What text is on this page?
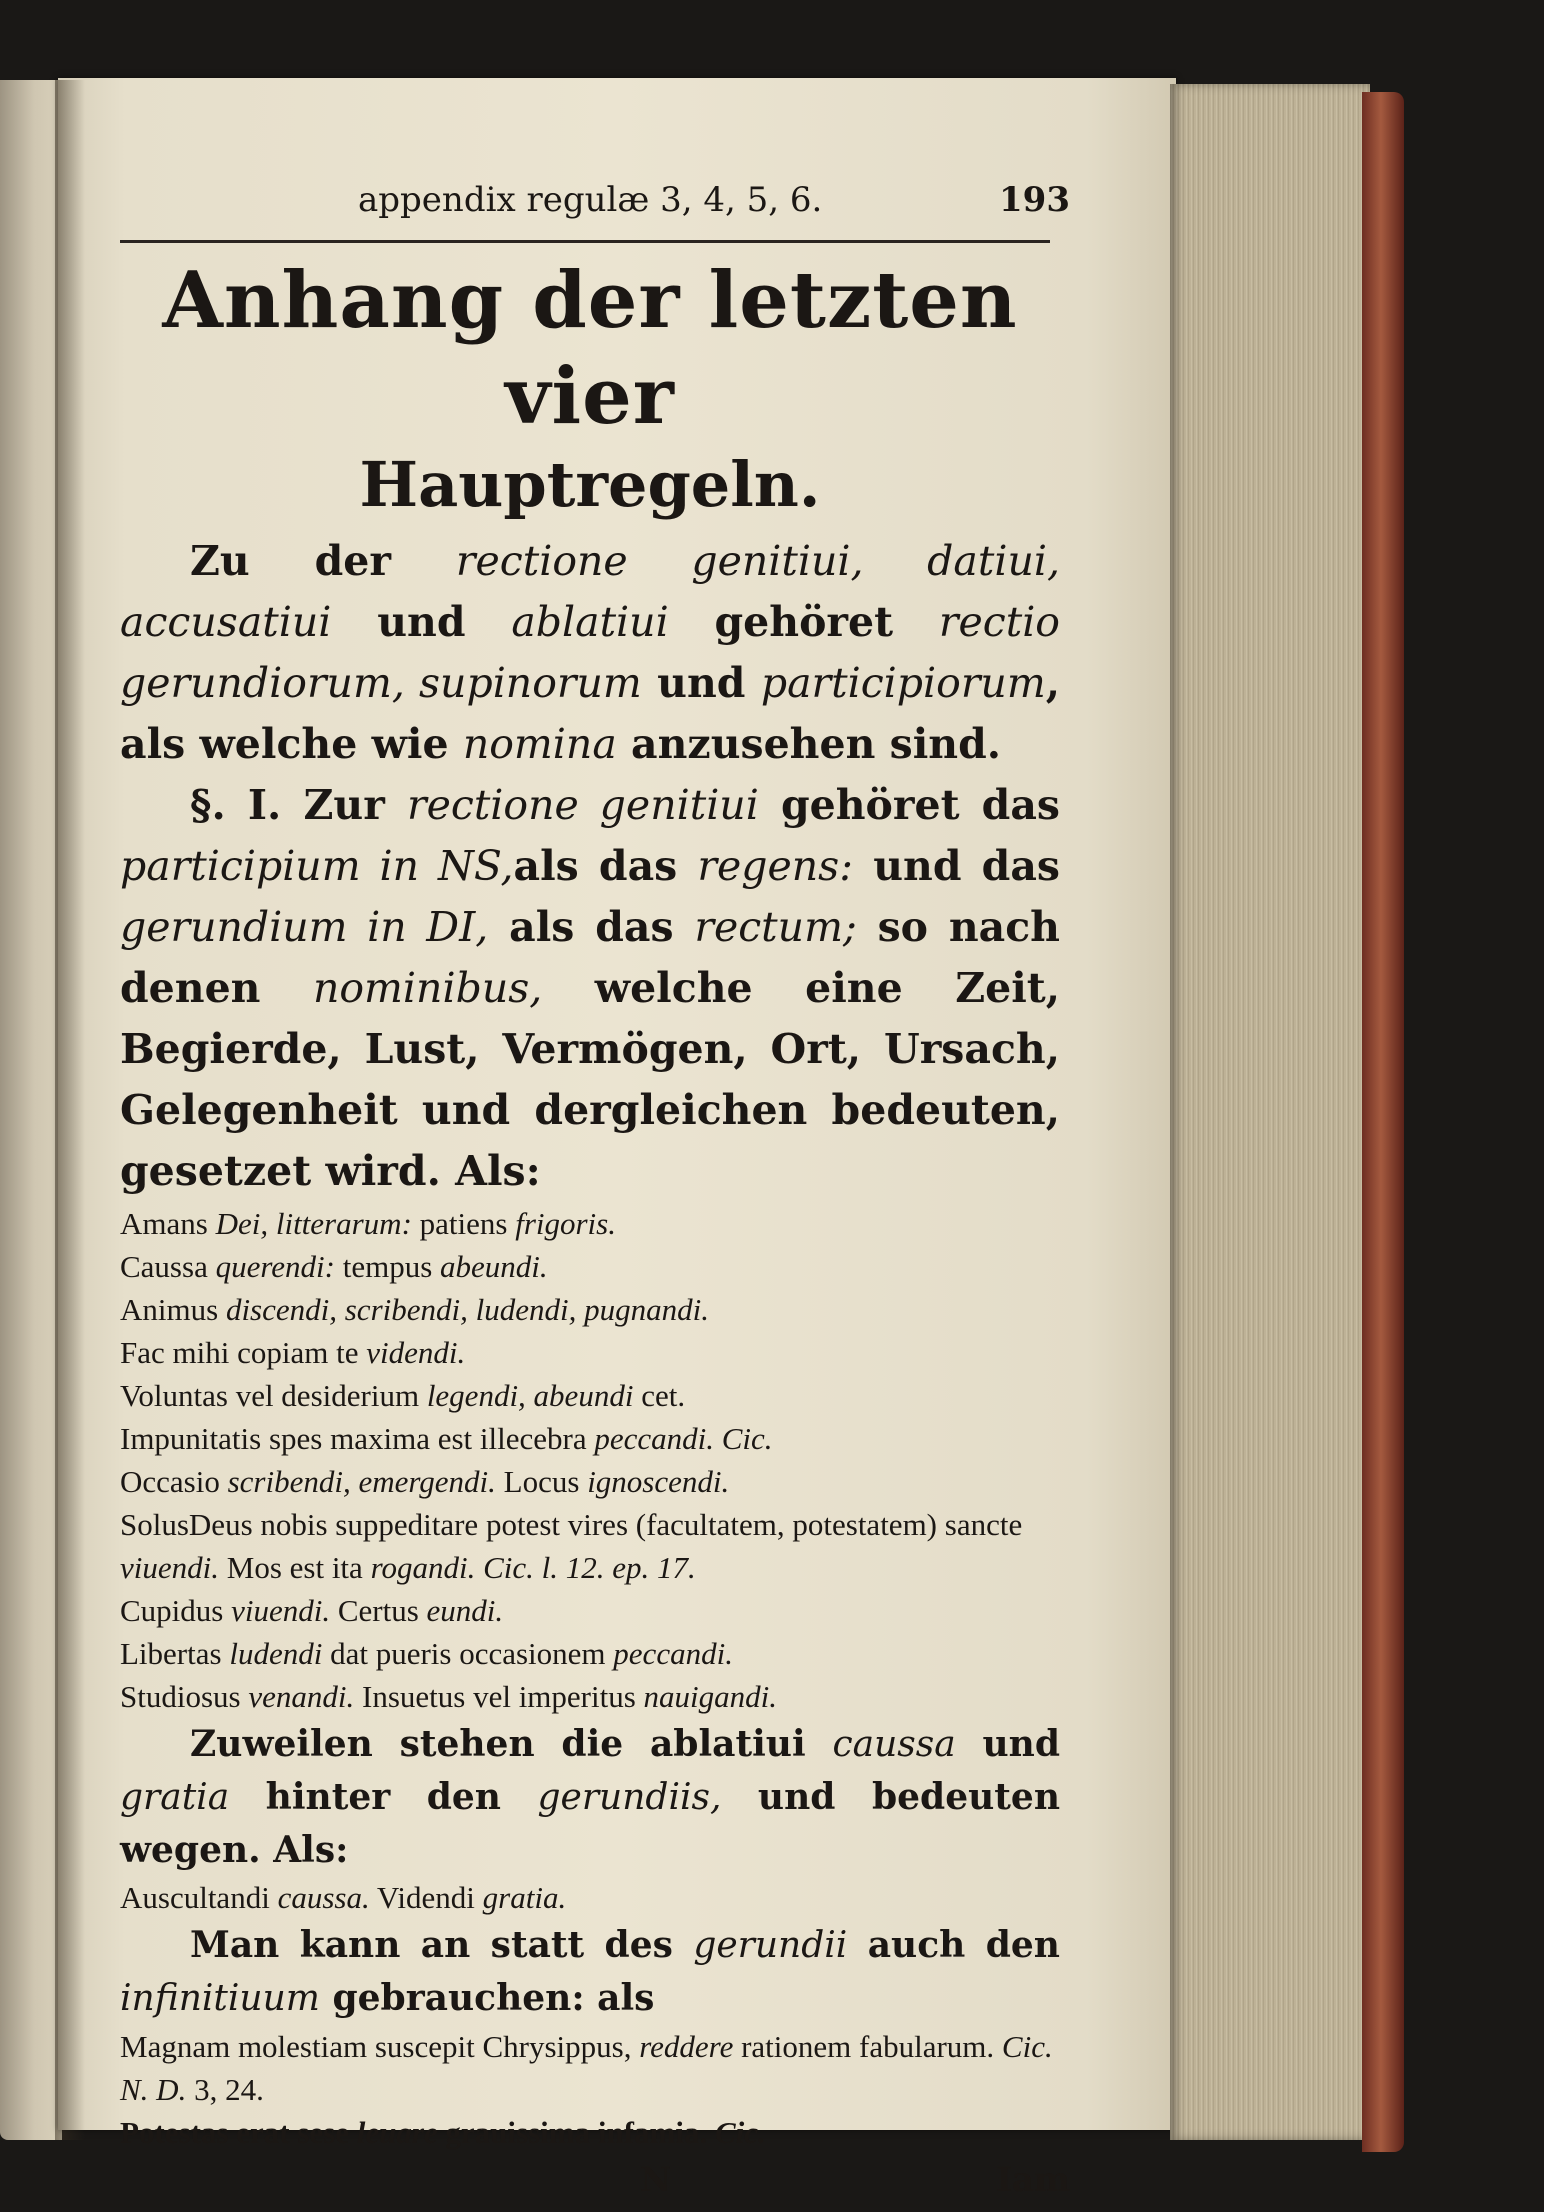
appendix regulæ 3, 4, 5, 6.	193
Anhang der letzten vier
Hauptregeln.
Zu der rectione genitiui, datiui, accusatiui und ablatiui gehöret rectio gerundiorum, supinorum und participiorum, als welche wie nomina anzusehen sind.
§. I. Zur rectione genitiui gehöret das participium in NS,als das regens: und das gerundium in DI, als das rectum; so nach denen nominibus, welche eine Zeit, Begierde, Lust, Vermögen, Ort, Ursach, Gelegenheit und dergleichen bedeuten, gesetzet wird. Als:
Amans Dei, litterarum: patiens frigoris.
Caussa querendi: tempus abeundi.
Animus discendi, scribendi, ludendi, pugnandi.
Fac mihi copiam te videndi.
Voluntas vel desiderium legendi, abeundi cet.
Impunitatis spes maxima est illecebra peccandi. Cic.
Occasio scribendi, emergendi. Locus ignoscendi.
SolusDeus nobis suppeditare potest vires (facultatem, potestatem) sancte viuendi. Mos est ita rogandi. Cic. l. 12. ep. 17.
Cupidus viuendi. Certus eundi.
Libertas ludendi dat pueris occasionem peccandi.
Studiosus venandi. Insuetus vel imperitus nauigandi.
Zuweilen stehen die ablatiui caussa und gratia hinter den gerundiis, und bedeuten wegen. Als:
Auscultandi caussa. Videndi gratia.
Man kann an statt des gerundii auch den infinitiuum gebrauchen: als
Magnam molestiam suscepit Chrysippus, reddere rationem fabularum. Cic. N. D. 3, 24.
Potestas erat sese leuare grauissima infamia. Cic.
N	Iam
